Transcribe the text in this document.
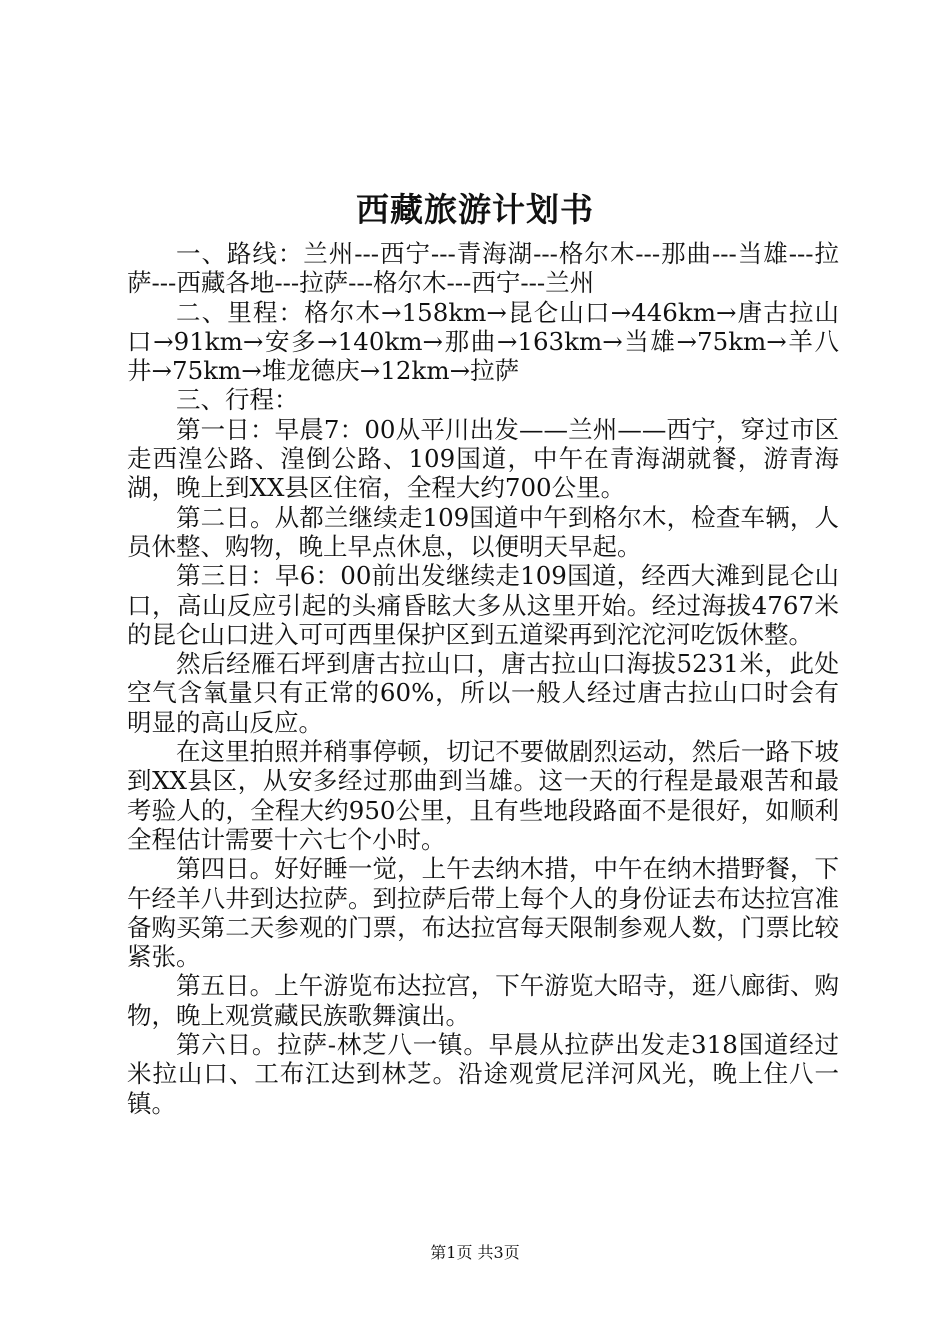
西藏旅游计划书

一、路线：兰州---西宁---青海湖---格尔木---那曲---当雄---拉萨---西藏各地---拉萨---格尔木---西宁---兰州

二、里程：格尔木→158km→昆仑山口→446km→唐古拉山口→91km→安多→140km→那曲→163km→当雄→75km→羊八井→75km→堆龙德庆→12km→拉萨

三、行程：

第一日：早晨7：00从平川出发——兰州——西宁，穿过市区走西湟公路、湟倒公路、109国道，中午在青海湖就餐，游青海湖，晚上到XX县区住宿，全程大约700公里。

第二日。从都兰继续走109国道中午到格尔木，检查车辆，人员休整、购物，晚上早点休息，以便明天早起。

第三日：早6：00前出发继续走109国道，经西大滩到昆仑山口，高山反应引起的头痛昏眩大多从这里开始。经过海拔4767米的昆仑山口进入可可西里保护区到五道梁再到沱沱河吃饭休整。

然后经雁石坪到唐古拉山口，唐古拉山口海拔5231米，此处空气含氧量只有正常的60%，所以一般人经过唐古拉山口时会有明显的高山反应。

在这里拍照并稍事停顿，切记不要做剧烈运动，然后一路下坡到XX县区，从安多经过那曲到当雄。这一天的行程是最艰苦和最考验人的，全程大约950公里，且有些地段路面不是很好，如顺利全程估计需要十六七个小时。

第四日。好好睡一觉，上午去纳木措，中午在纳木措野餐，下午经羊八井到达拉萨。到拉萨后带上每个人的身份证去布达拉宫准备购买第二天参观的门票，布达拉宫每天限制参观人数，门票比较紧张。

第五日。上午游览布达拉宫，下午游览大昭寺，逛八廊街、购物，晚上观赏藏民族歌舞演出。

第六日。拉萨-林芝八一镇。早晨从拉萨出发走318国道经过米拉山口、工布江达到林芝。沿途观赏尼洋河风光，晚上住八一镇。

第1页 共3页
